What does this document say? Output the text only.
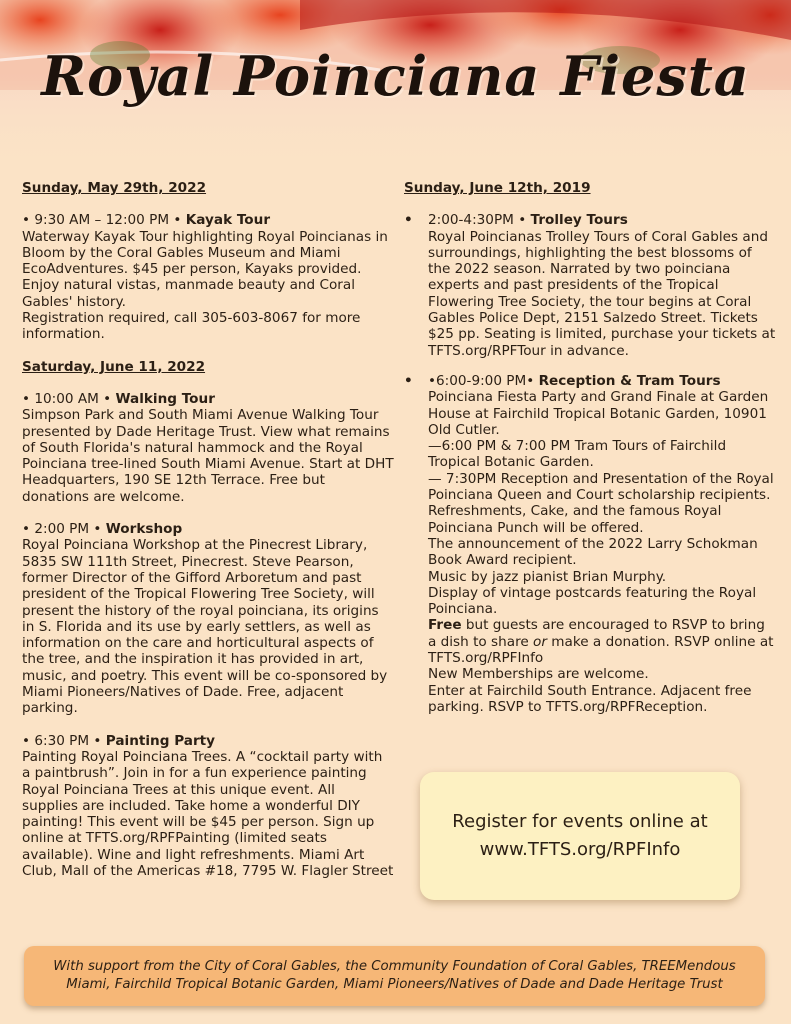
Royal Poinciana Fiesta
Sunday, May 29th, 2022
• 9:30 AM – 12:00 PM • Kayak Tour
Waterway Kayak Tour highlighting Royal Poincianas in Bloom by the Coral Gables Museum and Miami EcoAdventures. $45 per person, Kayaks provided. Enjoy natural vistas, manmade beauty and Coral Gables' history.
Registration required, call 305-603-8067 for more information.
Saturday, June 11, 2022
• 10:00 AM • Walking Tour
Simpson Park and South Miami Avenue Walking Tour presented by Dade Heritage Trust. View what remains of South Florida's natural hammock and the Royal Poinciana tree-lined South Miami Avenue. Start at DHT Headquarters, 190 SE 12th Terrace. Free but donations are welcome.
• 2:00 PM • Workshop
Royal Poinciana Workshop at the Pinecrest Library, 5835 SW 111th Street, Pinecrest. Steve Pearson, former Director of the Gifford Arboretum and past president of the Tropical Flowering Tree Society, will present the history of the royal poinciana, its origins in S. Florida and its use by early settlers, as well as information on the care and horticultural aspects of the tree, and the inspiration it has provided in art, music, and poetry. This event will be co-sponsored by Miami Pioneers/Natives of Dade. Free, adjacent parking.
• 6:30 PM • Painting Party
Painting Royal Poinciana Trees. A “cocktail party with a paintbrush”. Join in for a fun experience painting Royal Poinciana Trees at this unique event. All supplies are included. Take home a wonderful DIY painting! This event will be $45 per person. Sign up online at TFTS.org/RPFPainting (limited seats available). Wine and light refreshments. Miami Art Club, Mall of the Americas #18, 7795 W. Flagler Street
Sunday, June 12th, 2019
• 2:00-4:30PM • Trolley Tours
Royal Poincianas Trolley Tours of Coral Gables and surroundings, highlighting the best blossoms of the 2022 season. Narrated by two poinciana experts and past presidents of the Tropical Flowering Tree Society, the tour begins at Coral Gables Police Dept, 2151 Salzedo Street. Tickets $25 pp. Seating is limited, purchase your tickets at TFTS.org/RPFTour in advance.
• •6:00-9:00 PM• Reception & Tram Tours
Poinciana Fiesta Party and Grand Finale at Garden House at Fairchild Tropical Botanic Garden, 10901 Old Cutler.
—6:00 PM & 7:00 PM Tram Tours of Fairchild Tropical Botanic Garden.
— 7:30PM Reception and Presentation of the Royal Poinciana Queen and Court scholarship recipients. Refreshments, Cake, and the famous Royal Poinciana Punch will be offered.
The announcement of the 2022 Larry Schokman Book Award recipient.
Music by jazz pianist Brian Murphy.
Display of vintage postcards featuring the Royal Poinciana.
Free but guests are encouraged to RSVP to bring a dish to share or make a donation. RSVP online at TFTS.org/RPFInfo
New Memberships are welcome.
Enter at Fairchild South Entrance. Adjacent free parking. RSVP to TFTS.org/RPFReception.
Register for events online at
www.TFTS.org/RPFInfo
With support from the City of Coral Gables, the Community Foundation of Coral Gables, TREEMendous Miami, Fairchild Tropical Botanic Garden, Miami Pioneers/Natives of Dade and Dade Heritage Trust
